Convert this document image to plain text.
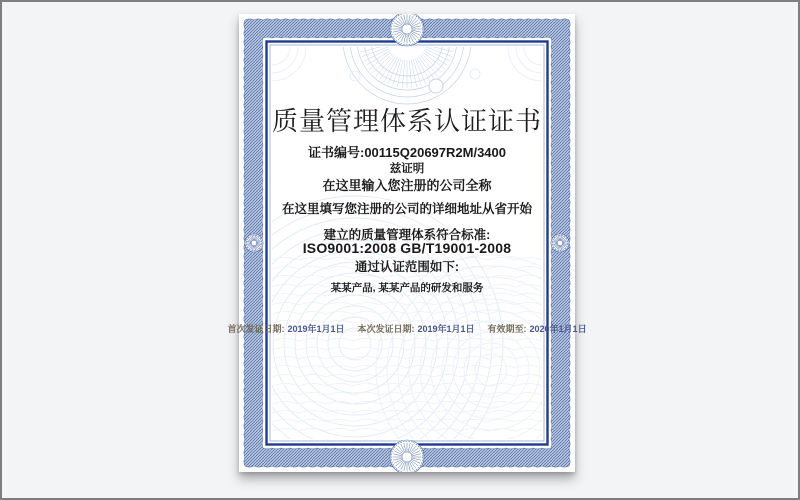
质量管理体系认证证书
证书编号:00115Q20697R2M/3400
兹证明
在这里输入您注册的公司全称
在这里填写您注册的公司的详细地址从省开始
建立的质量管理体系符合标准:
ISO9001:2008 GB/T19001-2008
通过认证范围如下:
某某产品, 某某产品的研发和服务
首次发证日期: 2019年1月1日 本次发证日期: 2019年1月1日 有效期至: 2020年1月1日
